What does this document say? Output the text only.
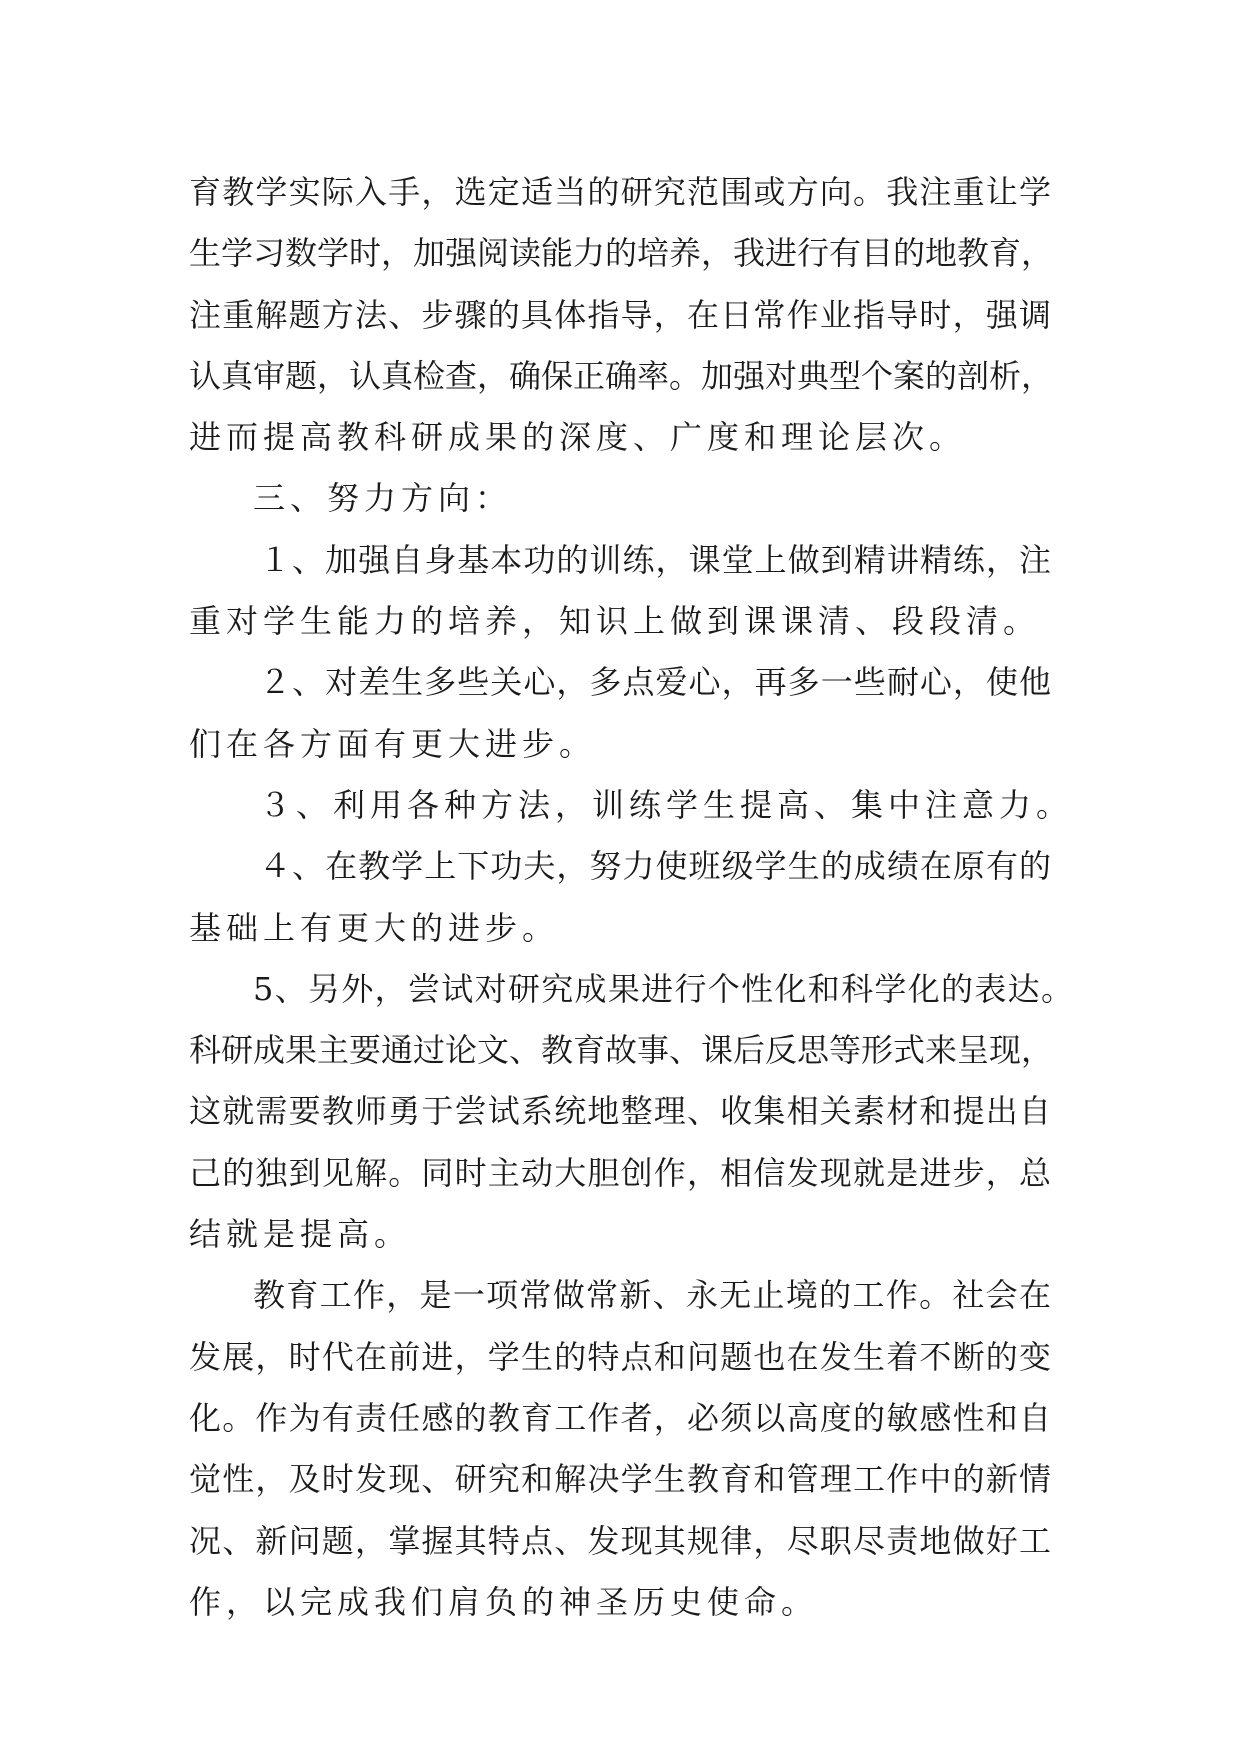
育教学实际入手，选定适当的研究范围或方向。我注重让学
生学习数学时，加强阅读能力的培养，我进行有目的地教育，
注重解题方法、步骤的具体指导，在日常作业指导时，强调
认真审题，认真检查，确保正确率。加强对典型个案的剖析，
进而提高教科研成果的深度、广度和理论层次。
三、努力方向：
１、加强自身基本功的训练，课堂上做到精讲精练，注
重对学生能力的培养，知识上做到课课清、段段清。
２、对差生多些关心，多点爱心，再多一些耐心，使他
们在各方面有更大进步。
３、利用各种方法，训练学生提高、集中注意力。
４、在教学上下功夫，努力使班级学生的成绩在原有的
基础上有更大的进步。
5、另外，尝试对研究成果进行个性化和科学化的表达。
科研成果主要通过论文、教育故事、课后反思等形式来呈现，
这就需要教师勇于尝试系统地整理、收集相关素材和提出自
己的独到见解。同时主动大胆创作，相信发现就是进步，总
结就是提高。
教育工作，是一项常做常新、永无止境的工作。社会在
发展，时代在前进，学生的特点和问题也在发生着不断的变
化。作为有责任感的教育工作者，必须以高度的敏感性和自
觉性，及时发现、研究和解决学生教育和管理工作中的新情
况、新问题，掌握其特点、发现其规律，尽职尽责地做好工
作，以完成我们肩负的神圣历史使命。
